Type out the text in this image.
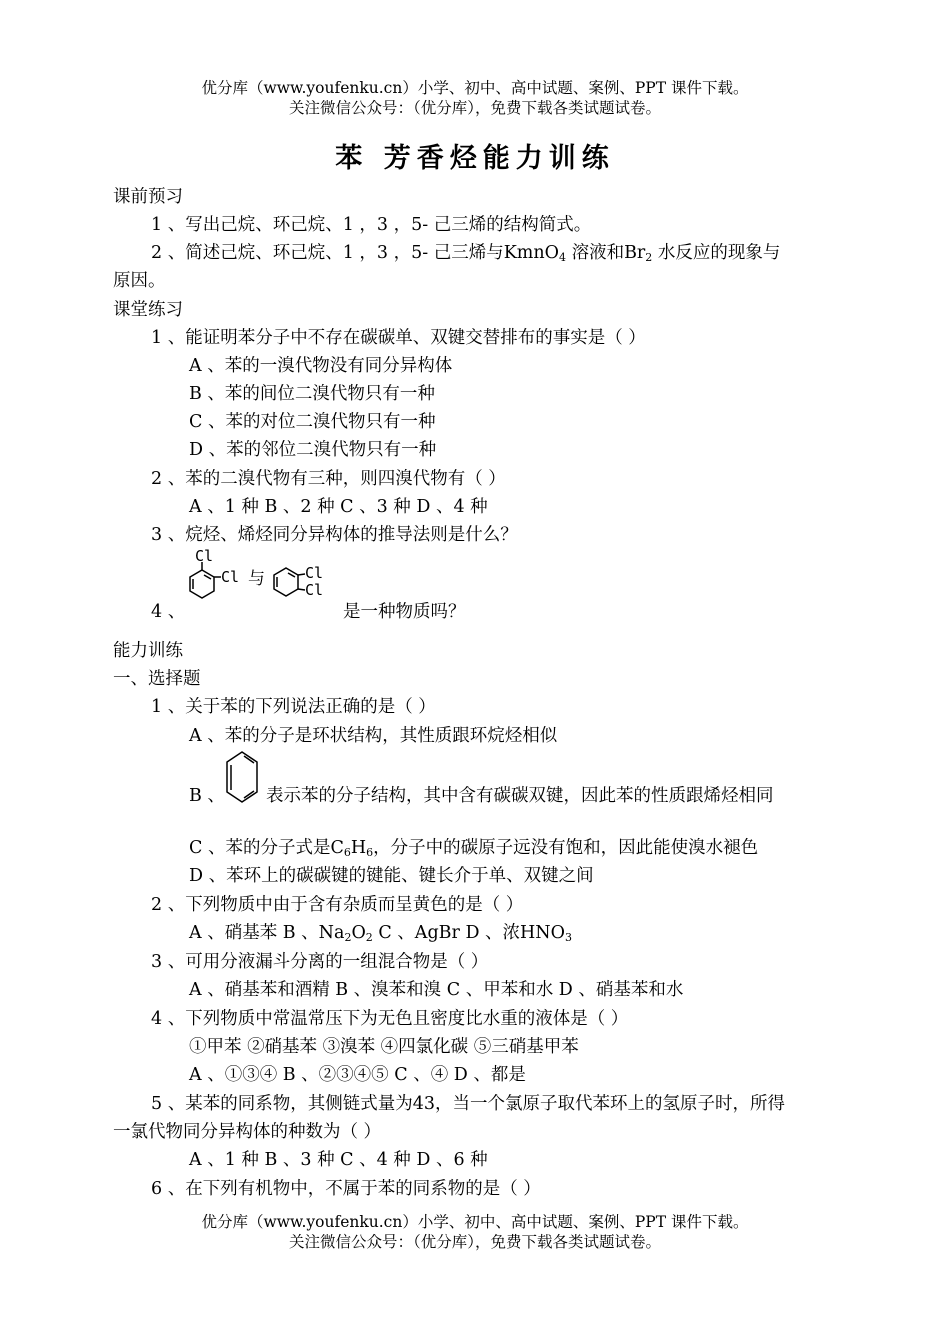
优分库（www.youfenku.cn）小学、初中、高中试题、案例、PPT 课件下载。
关注微信公众号：（优分库），免费下载各类试题试卷。
苯 芳香烃能力训练
课前预习
1 、写出己烷、环己烷、1 ，3 ，5- 己三烯的结构简式。
2 、简述己烷、环己烷、1 ，3 ，5- 己三烯与KmnO$_4$ 溶液和$Br_2$ 水反应的现象与
原因。
课堂练习
1 、能证明苯分子中不存在碳碳单、双键交替排布的事实是（ ）
A 、苯的一溴代物没有同分异构体
B 、苯的间位二溴代物只有一种
C 、苯的对位二溴代物只有一种
D 、苯的邻位二溴代物只有一种
2 、苯的二溴代物有三种，则四溴代物有（ ）
A 、1 种 B 、2 种 C 、3 种 D 、4 种
3 、烷烃、烯烃同分异构体的推导法则是什么？
Cl
Cl 与	Cl
Cl
4 、	是一种物质吗？
能力训练
一、选择题
1 、关于苯的下列说法正确的是（ ）
A 、苯的分子是环状结构，其性质跟环烷烃相似
B 、 表示苯的分子结构，其中含有碳碳双键，因此苯的性质跟烯烃相同
C 、苯的分子式是$C_6H_6$，分子中的碳原子远没有饱和，因此能使溴水褪色
D 、苯环上的碳碳键的键能、键长介于单、双键之间
2 、下列物质中由于含有杂质而呈黄色的是（ ）
A 、硝基苯 B 、$Na_2O_2$ C 、AgBr D 、浓$HNO_3$
3 、可用分液漏斗分离的一组混合物是（ ）
A 、硝基苯和酒精 B 、溴苯和溴 C 、甲苯和水 D 、硝基苯和水
4 、下列物质中常温常压下为无色且密度比水重的液体是（ ）
①甲苯 ②硝基苯 ③溴苯 ④四氯化碳 ⑤三硝基甲苯
A 、①③④ B 、②③④⑤ C 、④ D 、都是
5 、某苯的同系物，其侧链式量为43，当一个氯原子取代苯环上的氢原子时，所得
一氯代物同分异构体的种数为（ ）
A 、1 种 B 、3 种 C 、4 种 D 、6 种
6 、在下列有机物中，不属于苯的同系物的是（ ）
优分库（www.youfenku.cn）小学、初中、高中试题、案例、PPT 课件下载。
关注微信公众号：（优分库），免费下载各类试题试卷。
